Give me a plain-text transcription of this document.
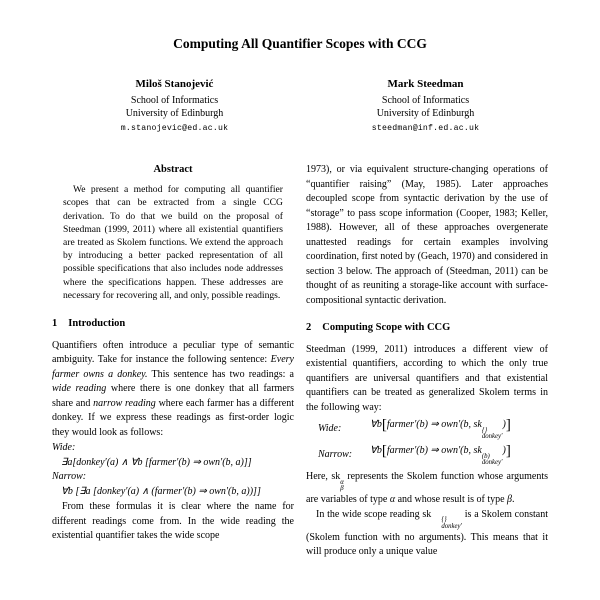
Computing All Quantifier Scopes with CCG
Miloš Stanojević
School of Informatics
University of Edinburgh
m.stanojevic@ed.ac.uk
Mark Steedman
School of Informatics
University of Edinburgh
steedman@inf.ed.ac.uk
Abstract

We present a method for computing all quantifier scopes that can be extracted from a single CCG derivation. To do that we build on the proposal of Steedman (1999, 2011) where all existential quantifiers are treated as Skolem functions. We extend the approach by introducing a better packed representation of all possible specifications that also includes node addresses where the specifications happen. These addresses are necessary for recovering all, and only, possible readings.

1 Introduction

Quantifiers often introduce a peculiar type of semantic ambiguity. Take for instance the following sentence: Every farmer owns a donkey. This sentence has two readings: a wide reading where there is one donkey that all farmers share and narrow reading where each farmer has a different donkey. If we express these readings as first-order logic they would look as follows:

Wide:
∃a[donkey′(a) ∧ ∀b [farmer′(b) ⇒ own′(b, a)]]
Narrow:
∀b [∃a [donkey′(a) ∧ (farmer′(b) ⇒ own′(b, a))]]

From these formulas it is clear where the name for different readings come from. In the wide reading the existential quantifier takes the wide scope

1973), or via equivalent structure-changing operations of “quantifier raising” (May, 1985). Later approaches decoupled scope from syntactic derivation by the use of “storage” to pass scope information (Cooper, 1983; Keller, 1988). However, all of these approaches overgenerate unattested readings for certain examples involving coordination, first noted by (Geach, 1970) and considered in section 3 below. The approach of (Steedman, 2011) can be thought of as reuniting a storage-like account with surface-compositional syntactic derivation.

2 Computing Scope with CCG

Steedman (1999, 2011) introduces a different view of existential quantifiers, according to which the only true quantifiers are universal quantifiers and that existential quantifiers can be treated as generalized Skolem terms in the following way:

Wide:	∀b[farmer′(b) ⇒ own′(b, sk {}
donkey′
)]
Narrow:	∀b[farmer′(b) ⇒ own′(b, sk (b)
donkey′
)]

Here, sk α
β
represents the Skolem function whose arguments are variables of type α and whose result is of type β.

In the wide scope reading sk	{}
donkey′
is a Skolem constant (Skolem function with no arguments). This means that it will produce only a unique value
